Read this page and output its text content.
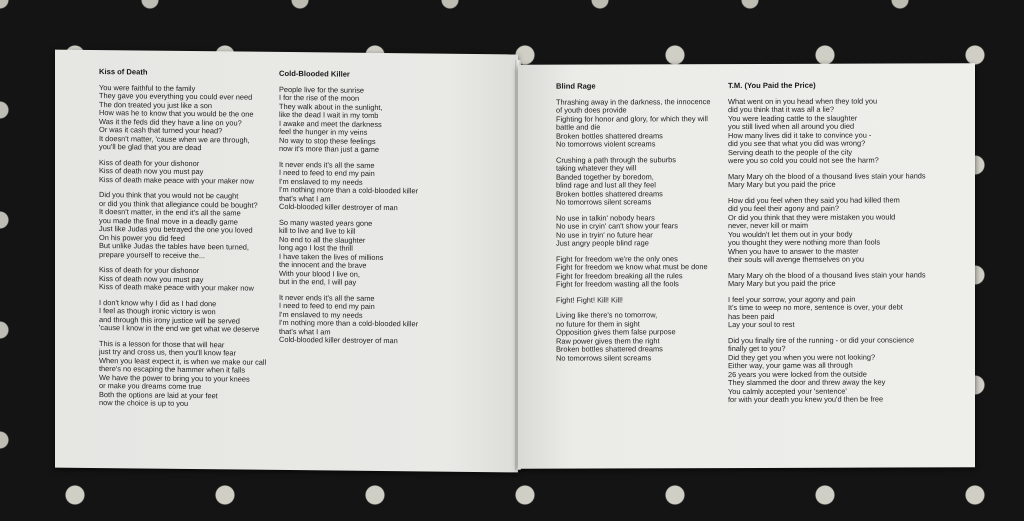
Kiss of Death
You were faithful to the family
They gave you everything you could ever need
The don treated you just like a son
How was he to know that you would be the one
Was it the feds did they have a line on you?
Or was it cash that turned your head?
It doesn't matter, 'cause when we are through,
you'll be glad that you are dead
Kiss of death for your dishonor
Kiss of death now you must pay
Kiss of death make peace with your maker now
Did you think that you would not be caught
or did you think that allegiance could be bought?
It doesn't matter, in the end it's all the same
you made the final move in a deadly game
Just like Judas you betrayed the one you loved
On his power you did feed
But unlike Judas the tables have been turned,
prepare yourself to receive the...
Kiss of death for your dishonor
Kiss of death now you must pay
Kiss of death make peace with your maker now
I don't know why I did as I had done
I feel as though ironic victory is won
and through this irony justice will be served
'cause I know in the end we get what we deserve
This is a lesson for those that will hear
just try and cross us, then you'll know fear
When you least expect it, is when we make our call
there's no escaping the hammer when it falls
We have the power to bring you to your knees
or make you dreams come true
Both the options are laid at your feet
now the choice is up to you
Cold-Blooded Killer
People live for the sunrise
I for the rise of the moon
They walk about in the sunlight,
like the dead I wait in my tomb
I awake and meet the darkness
feel the hunger in my veins
No way to stop these feelings
now it's more than just a game
It never ends it's all the same
I need to feed to end my pain
I'm enslaved to my needs
I'm nothing more than a cold-blooded killer
that's what I am
Cold-blooded killer destroyer of man
So many wasted years gone
kill to live and live to kill
No end to all the slaughter
long ago I lost the thrill
I have taken the lives of millions
the innocent and the brave
With your blood I live on,
but in the end, I will pay
It never ends it's all the same
I need to feed to end my pain
I'm enslaved to my needs
I'm nothing more than a cold-blooded killer
that's what I am
Cold-blooded killer destroyer of man
Blind Rage
Thrashing away in the darkness, the innocence
of youth does provide
Fighting for honor and glory, for which they will
battle and die
Broken bottles shattered dreams
No tomorrows violent screams
Crushing a path through the suburbs
taking whatever they will
Banded together by boredom,
blind rage and lust all they feel
Broken bottles shattered dreams
No tomorrows silent screams
No use in talkin' nobody hears
No use in cryin' can't show your fears
No use in tryin' no future hear
Just angry people blind rage
Fight for freedom we're the only ones
Fight for freedom we know what must be done
Fight for freedom breaking all the rules
Fight for freedom wasting all the fools
Fight! Fight! Kill! Kill!
Living like there's no tomorrow,
no future for them in sight
Opposition gives them false purpose
Raw power gives them the right
Broken bottles shattered dreams
No tomorrows silent screams
T.M. (You Paid the Price)
What went on in you head when they told you
did you think that it was all a lie?
You were leading cattle to the slaughter
you still lived when all around you died
How many lives did it take to convince you -
did you see that what you did was wrong?
Serving death to the people of the city
were you so cold you could not see the harm?
Mary Mary oh the blood of a thousand lives stain your hands
Mary Mary but you paid the price
How did you feel when they said you had killed them
did you feel their agony and pain?
Or did you think that they were mistaken you would
never, never kill or maim
You wouldn't let them out in your body
you thought they were nothing more than fools
When you have to answer to the master
their souls will avenge themselves on you
Mary Mary oh the blood of a thousand lives stain your hands
Mary Mary but you paid the price
I feel your sorrow, your agony and pain
It's time to weep no more, sentence is over, your debt
has been paid
Lay your soul to rest
Did you finally tire of the running - or did your conscience
finally get to you?
Did they get you when you were not looking?
Either way, your game was all through
26 years you were locked from the outside
They slammed the door and threw away the key
You calmly accepted your 'sentence'
for with your death you knew you'd then be free
